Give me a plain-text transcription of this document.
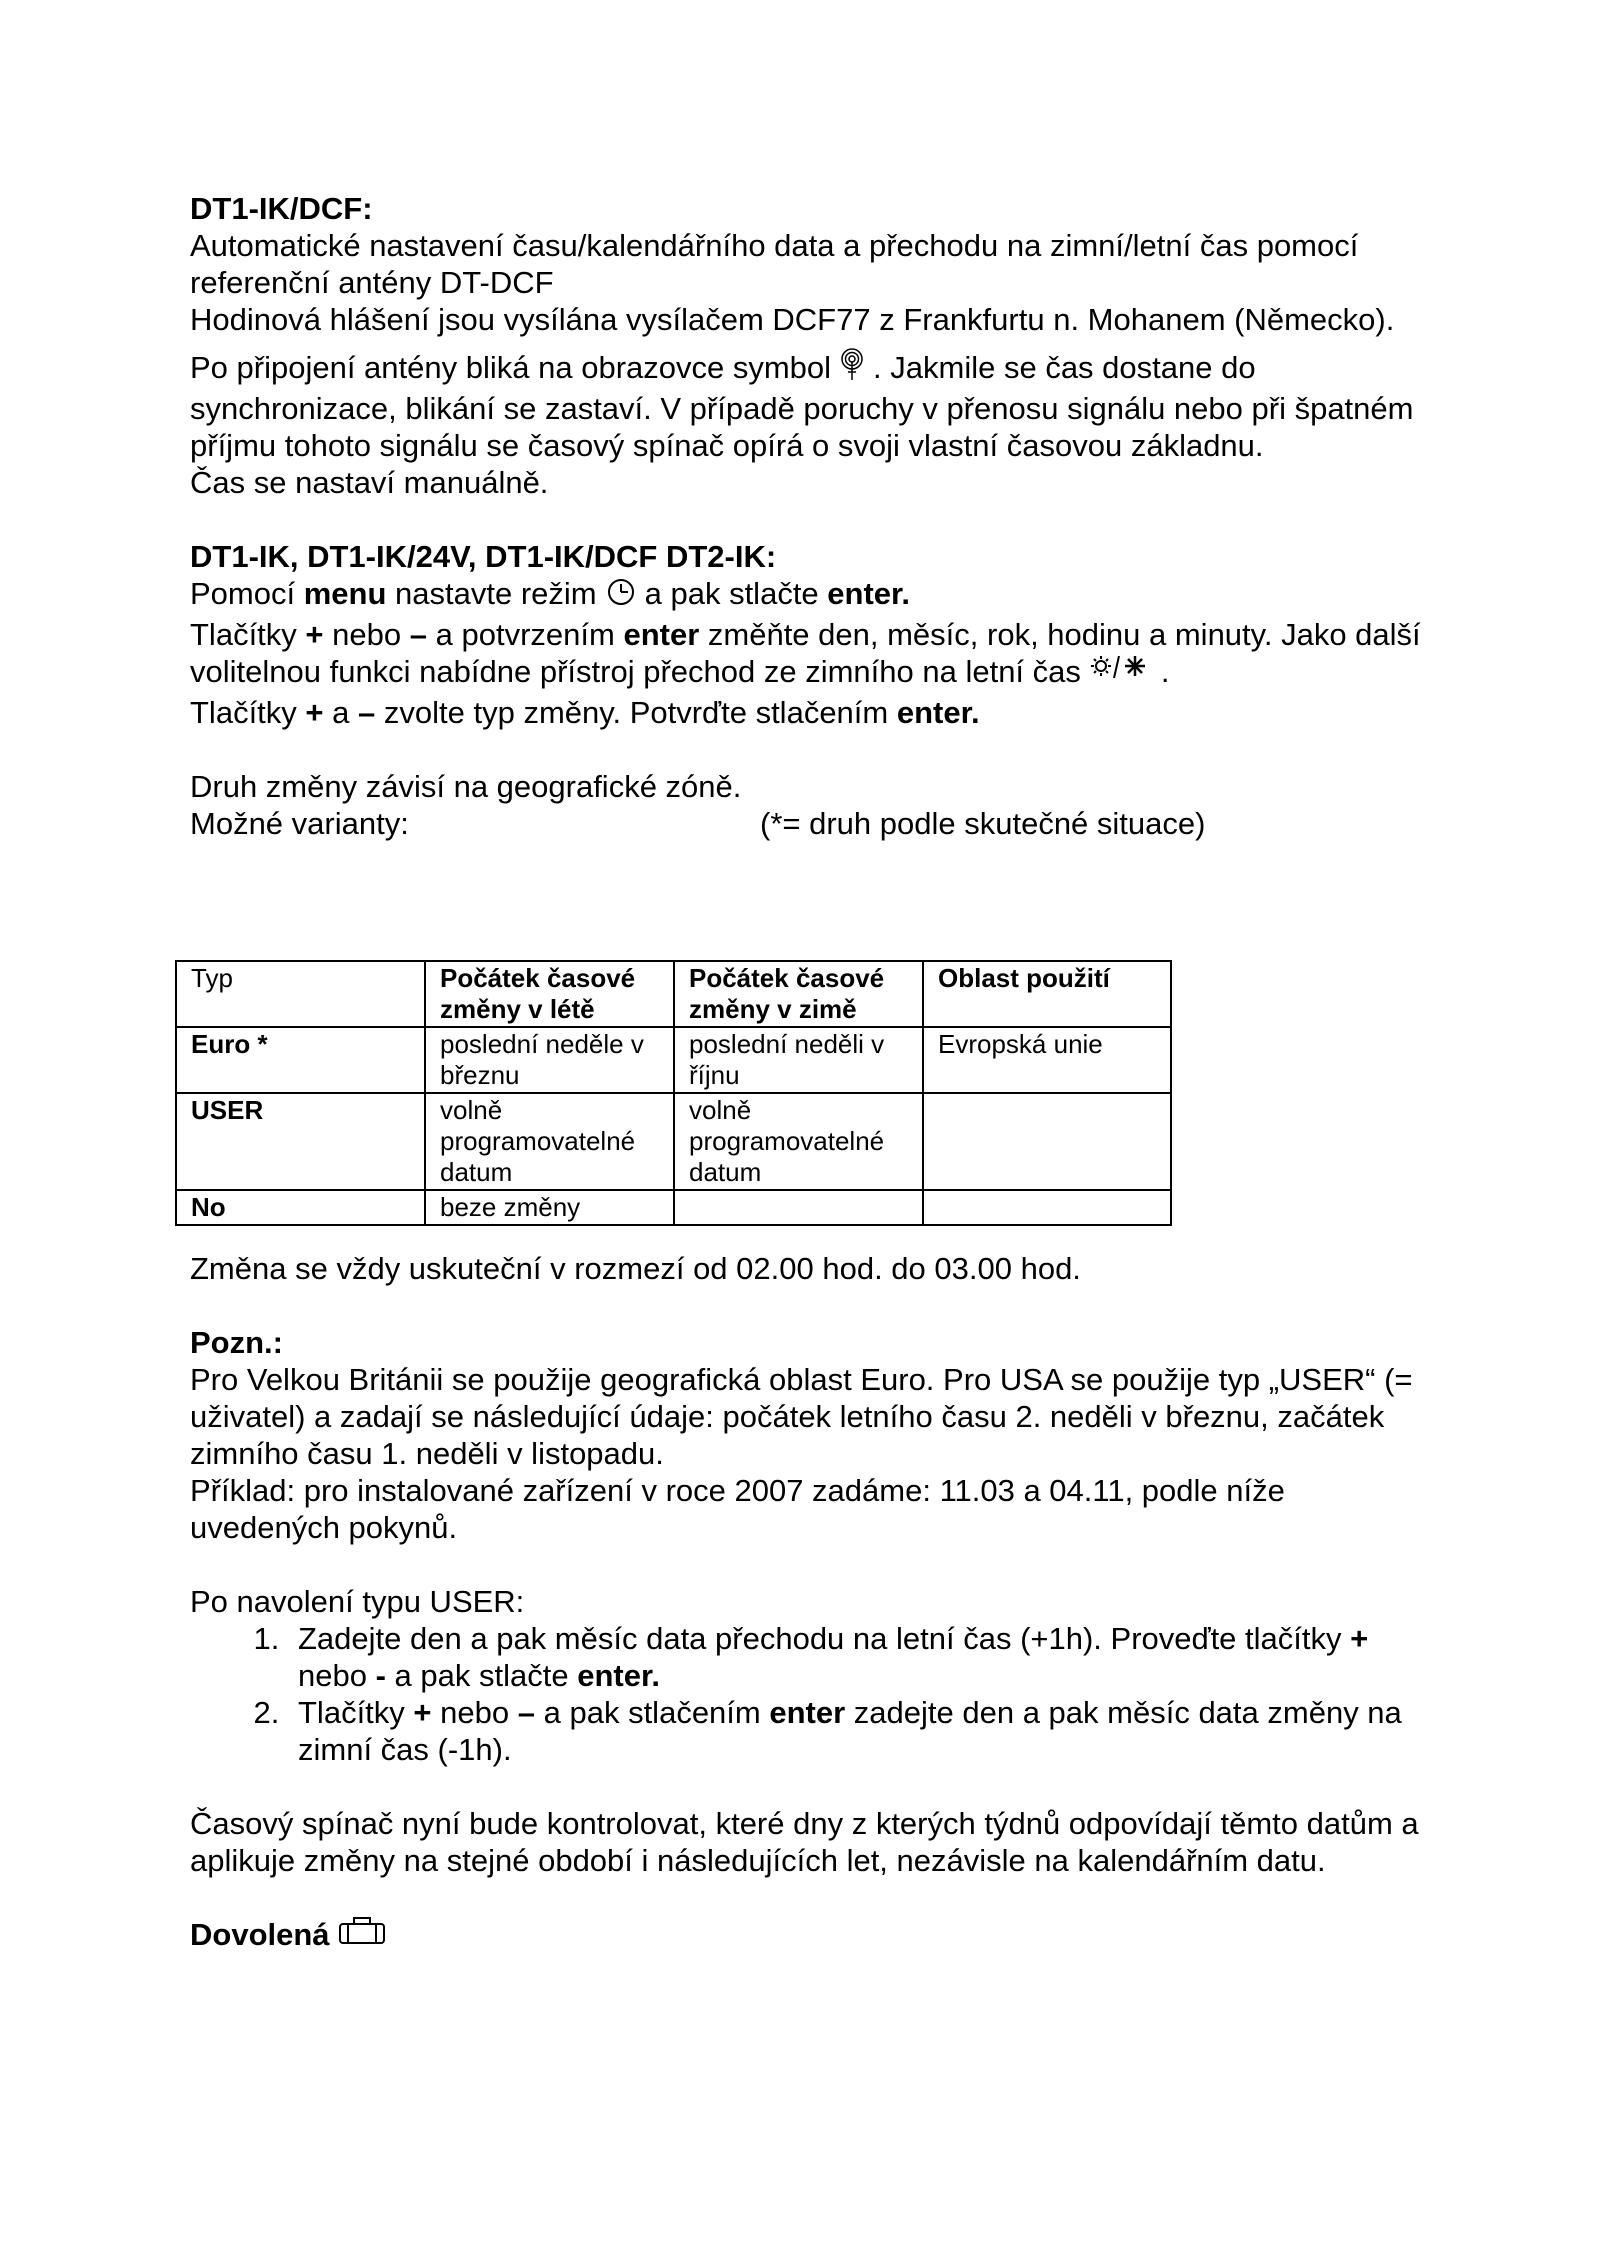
DT1-IK/DCF:

Automatické nastavení času/kalendářního data a přechodu na zimní/letní čas pomocí referenční antény DT-DCF

Hodinová hlášení jsou vysílána vysílačem DCF77 z Frankfurtu n. Mohanem (Německo).

Po připojení antény bliká na obrazovce symbol . Jakmile se čas dostane do synchronizace, blikání se zastaví. V případě poruchy v přenosu signálu nebo při špatném příjmu tohoto signálu se časový spínač opírá o svoji vlastní časovou základnu.

Čas se nastaví manuálně.

DT1-IK, DT1-IK/24V, DT1-IK/DCF DT2-IK:

Pomocí menu nastavte režim a pak stlačte enter.

Tlačítky + nebo – a potvrzením enter změňte den, měsíc, rok, hodinu a minuty. Jako další volitelnou funkci nabídne přístroj přechod ze zimního na letní čas	.

Tlačítky + a – zvolte typ změny. Potvrďte stlačením enter.

Druh změny závisí na geografické zóně.

Možné varianty:	(*= druh podle skutečné situace)
Typ	Počátek časové změny v létě	Počátek časové změny v zimě	Oblast použití
Euro *	poslední neděle v březnu	poslední neděli v říjnu	Evropská unie
USER	volně programovatelné datum	volně programovatelné datum	
No	beze změny		

Změna se vždy uskuteční v rozmezí od 02.00 hod. do 03.00 hod.

Pozn.:

Pro Velkou Británii se použije geografická oblast Euro. Pro USA se použije typ „USER“ (= uživatel) a zadají se následující údaje: počátek letního času 2. neděli v březnu, začátek zimního času 1. neděli v listopadu.

Příklad: pro instalované zařízení v roce 2007 zadáme: 11.03 a 04.11, podle níže uvedených pokynů.

Po navolení typu USER:

1. Zadejte den a pak měsíc data přechodu na letní čas (+1h). Proveďte tlačítky + nebo - a pak stlačte enter.
2. Tlačítky + nebo – a pak stlačením enter zadejte den a pak měsíc data změny na zimní čas (-1h).

Časový spínač nyní bude kontrolovat, které dny z kterých týdnů odpovídají těmto datům a aplikuje změny na stejné období i následujících let, nezávisle na kalendářním datu.

Dovolená
